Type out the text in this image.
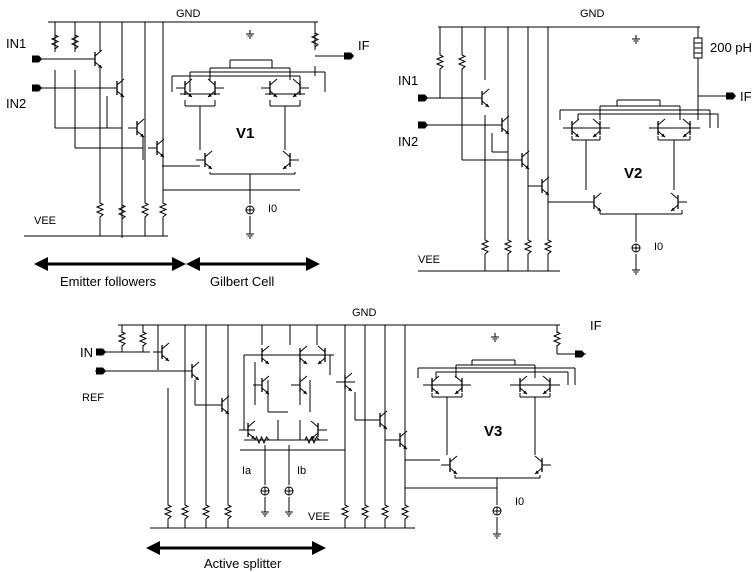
GND
IN1
IN2
IF
V1
VEE
I0
Emitter followers	Gilbert Cell
GND
200 pH
IN1
IN2
IF
V2
VEE
I0
GND
IN
REF
IF
V3
VEE
I0
Ia	Ib
Active splitter
